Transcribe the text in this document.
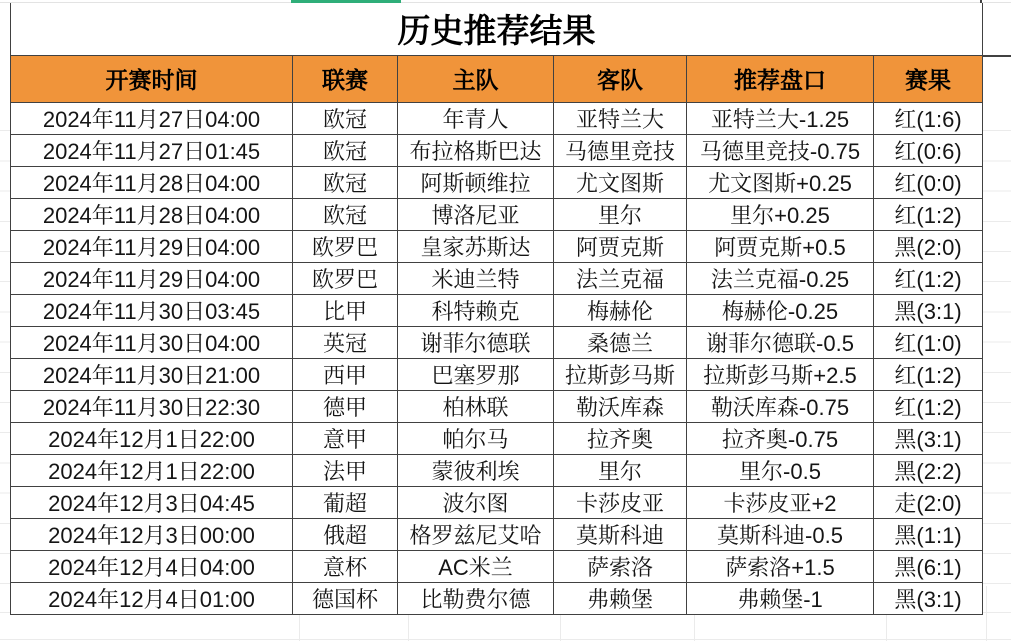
历史推荐结果					
开赛时间	联赛	主队	客队	推荐盘口	赛果
2024年11月27日04:00	欧冠	年青人	亚特兰大	亚特兰大-1.25	红(1:6)
2024年11月27日01:45	欧冠	布拉格斯巴达	马德里竞技	马德里竞技-0.75	红(0:6)
2024年11月28日04:00	欧冠	阿斯顿维拉	尤文图斯	尤文图斯+0.25	红(0:0)
2024年11月28日04:00	欧冠	博洛尼亚	里尔	里尔+0.25	红(1:2)
2024年11月29日04:00	欧罗巴	皇家苏斯达	阿贾克斯	阿贾克斯+0.5	黑(2:0)
2024年11月29日04:00	欧罗巴	米迪兰特	法兰克福	法兰克福-0.25	红(1:2)
2024年11月30日03:45	比甲	科特赖克	梅赫伦	梅赫伦-0.25	黑(3:1)
2024年11月30日04:00	英冠	谢菲尔德联	桑德兰	谢菲尔德联-0.5	红(1:0)
2024年11月30日21:00	西甲	巴塞罗那	拉斯彭马斯	拉斯彭马斯+2.5	红(1:2)
2024年11月30日22:30	德甲	柏林联	勒沃库森	勒沃库森-0.75	红(1:2)
2024年12月1日22:00	意甲	帕尔马	拉齐奥	拉齐奥-0.75	黑(3:1)
2024年12月1日22:00	法甲	蒙彼利埃	里尔	里尔-0.5	黑(2:2)
2024年12月3日04:45	葡超	波尔图	卡莎皮亚	卡莎皮亚+2	走(2:0)
2024年12月3日00:00	俄超	格罗兹尼艾哈	莫斯科迪	莫斯科迪-0.5	黑(1:1)
2024年12月4日04:00	意杯	AC米兰	萨索洛	萨索洛+1.5	黑(6:1)
2024年12月4日01:00	德国杯	比勒费尔德	弗赖堡	弗赖堡-1	黑(3:1)
